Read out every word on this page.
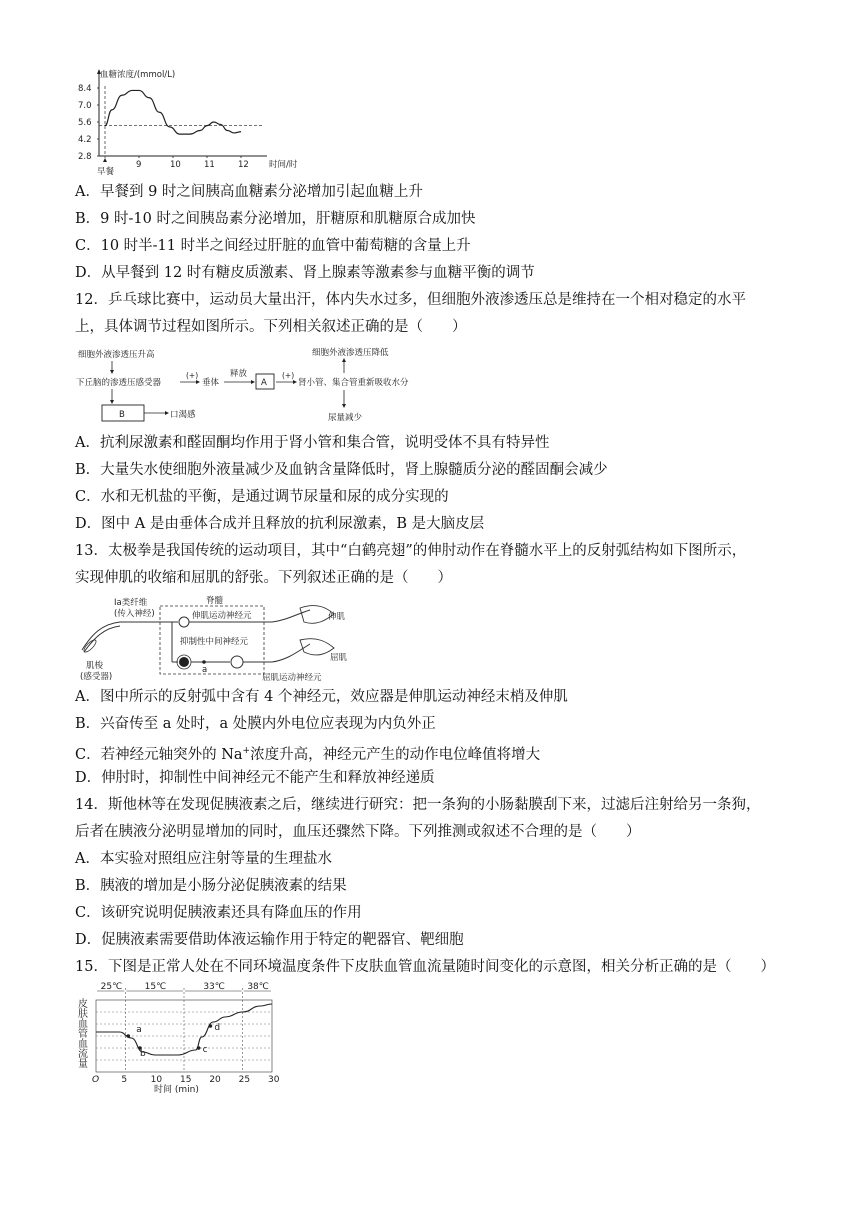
血糖浓度/(mmol/L)
8.4
7.0
5.6
4.2
2.8
9	10	11	12 时间/时
早餐
A．早餐到 9 时之间胰高血糖素分泌增加引起血糖上升
B．9 时-10 时之间胰岛素分泌增加，肝糖原和肌糖原合成加快
C．10 时半-11 时半之间经过肝脏的血管中葡萄糖的含量上升
D．从早餐到 12 时有糖皮质激素、肾上腺素等激素参与血糖平衡的调节
12．乒乓球比赛中，运动员大量出汗，体内失水过多，但细胞外液渗透压总是维持在一个相对稳定的水平
上，具体调节过程如图所示。下列相关叙述正确的是（　　）
细胞外液渗透压升高
下丘脑的渗透压感受器
(+)
垂体
释放
A
(+)
肾小管、集合管重新吸收水分
细胞外液渗透压降低
尿量减少
B	口渴感
A．抗利尿激素和醛固酮均作用于肾小管和集合管，说明受体不具有特异性
B．大量失水使细胞外液量减少及血钠含量降低时，肾上腺髓质分泌的醛固酮会减少
C．水和无机盐的平衡，是通过调节尿量和尿的成分实现的
D．图中 A 是由垂体合成并且释放的抗利尿激素，B 是大脑皮层
13．太极拳是我国传统的运动项目，其中“白鹤亮翅”的伸肘动作在脊髓水平上的反射弧结构如下图所示，
实现伸肌的收缩和屈肌的舒张。下列叙述正确的是（　　）
脊髓
Ⅰa类纤维
(传入神经)
肌梭
(感受器)
伸肌运动神经元
抑制性中间神经元
a
伸肌
屈肌
屈肌运动神经元
A．图中所示的反射弧中含有 4 个神经元，效应器是伸肌运动神经末梢及伸肌
B．兴奋传至 a 处时，a 处膜内外电位应表现为内负外正
C．若神经元轴突外的 Na+浓度升高，神经元产生的动作电位峰值将增大
D．伸肘时，抑制性中间神经元不能产生和释放神经递质
14．斯他林等在发现促胰液素之后，继续进行研究：把一条狗的小肠黏膜刮下来，过滤后注射给另一条狗，
后者在胰液分泌明显增加的同时，血压还骤然下降。下列推测或叙述不合理的是（　　）
A．本实验对照组应注射等量的生理盐水
B．胰液的增加是小肠分泌促胰液素的结果
C．该研究说明促胰液素还具有降血压的作用
D．促胰液素需要借助体液运输作用于特定的靶器官、靶细胞
15．下图是正常人处在不同环境温度条件下皮肤血管血流量随时间变化的示意图，相关分析正确的是（　　）
皮肤血管血流量
25℃ 15℃	33℃ 38℃
a
b	c
d
O 5	10 15 20 25 30
时间 (min)
